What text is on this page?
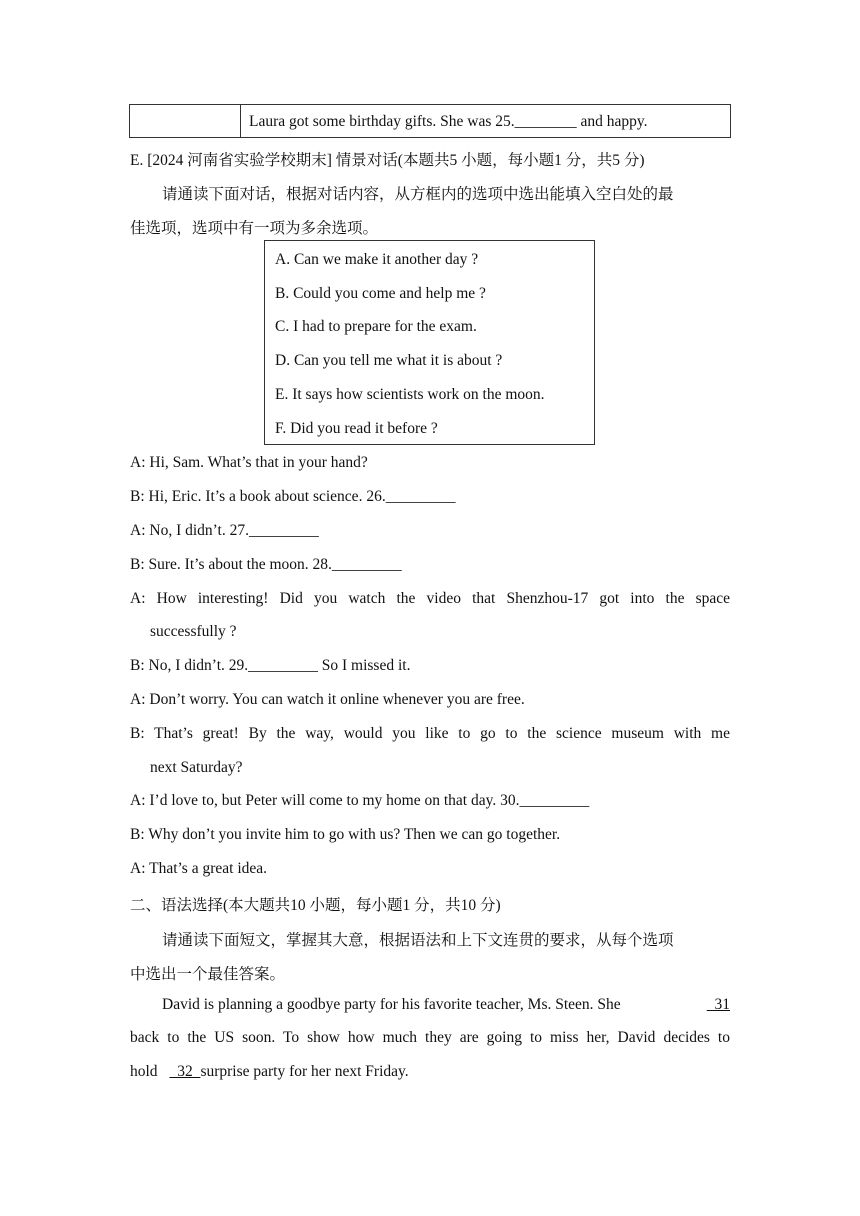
Laura got some birthday gifts. She was 25.________ and happy.
E. [2024 河南省实验学校期末] 情景对话(本题共5 小题，每小题1 分，共5 分)
请通读下面对话，根据对话内容，从方框内的选项中选出能填入空白处的最
佳选项，选项中有一项为多余选项。
A. Can we make it another day ?
B. Could you come and help me ?
C. I had to prepare for the exam.
D. Can you tell me what it is about ?
E. It says how scientists work on the moon.
F. Did you read it before ?
A: Hi, Sam. What’s that in your hand?
B: Hi, Eric. It’s a book about science. 26._________
A: No, I didn’t. 27._________
B: Sure. It’s about the moon. 28._________
A: How interesting! Did you watch the video that Shenzhou-17 got into the space
successfully ?
B: No, I didn’t. 29._________ So I missed it.
A: Don’t worry. You can watch it online whenever you are free.
B: That’s great! By the way, would you like to go to the science museum with me
next Saturday?
A: I’d love to, but Peter will come to my home on that day. 30._________
B: Why don’t you invite him to go with us? Then we can go together.
A: That’s a great idea.
二、语法选择(本大题共10 小题，每小题1 分，共10 分)
请通读下面短文，掌握其大意，根据语法和上下文连贯的要求，从每个选项
中选出一个最佳答案。
David is planning a goodbye party for his favorite teacher, Ms. Steen. She	31
back to the US soon. To show how much they are going to miss her, David decides to
hold   32  surprise party for her next Friday.
